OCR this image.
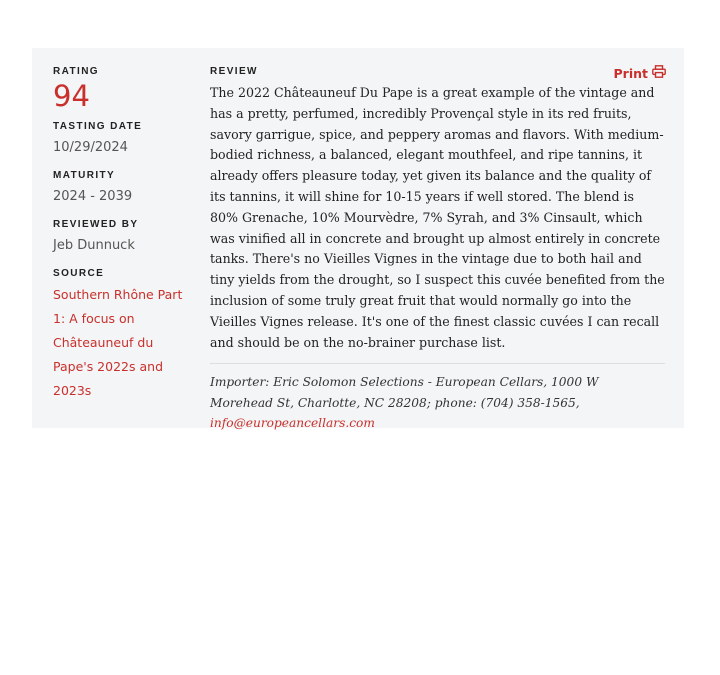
RATING

94

TASTING DATE

10/29/2024

MATURITY

2024 - 2039

REVIEWED BY

Jeb Dunnuck

SOURCE

Southern Rhône Part 1: A focus on Châteauneuf du Pape's 2022s and 2023s
Print

REVIEW

The 2022 Châteauneuf Du Pape is a great example of the vintage and has a pretty, perfumed, incredibly Provençal style in its red fruits, savory garrigue, spice, and peppery aromas and flavors. With medium-bodied richness, a balanced, elegant mouthfeel, and ripe tannins, it already offers pleasure today, yet given its balance and the quality of its tannins, it will shine for 10-15 years if well stored. The blend is 80% Grenache, 10% Mourvèdre, 7% Syrah, and 3% Cinsault, which was vinified all in concrete and brought up almost entirely in concrete tanks. There's no Vieilles Vignes in the vintage due to both hail and tiny yields from the drought, so I suspect this cuvée benefited from the inclusion of some truly great fruit that would normally go into the Vieilles Vignes release. It's one of the finest classic cuvées I can recall and should be on the no-brainer purchase list.

Importer: Eric Solomon Selections - European Cellars, 1000 W Morehead St, Charlotte, NC 28208; phone: (704) 358-1565, info@europeancellars.com
